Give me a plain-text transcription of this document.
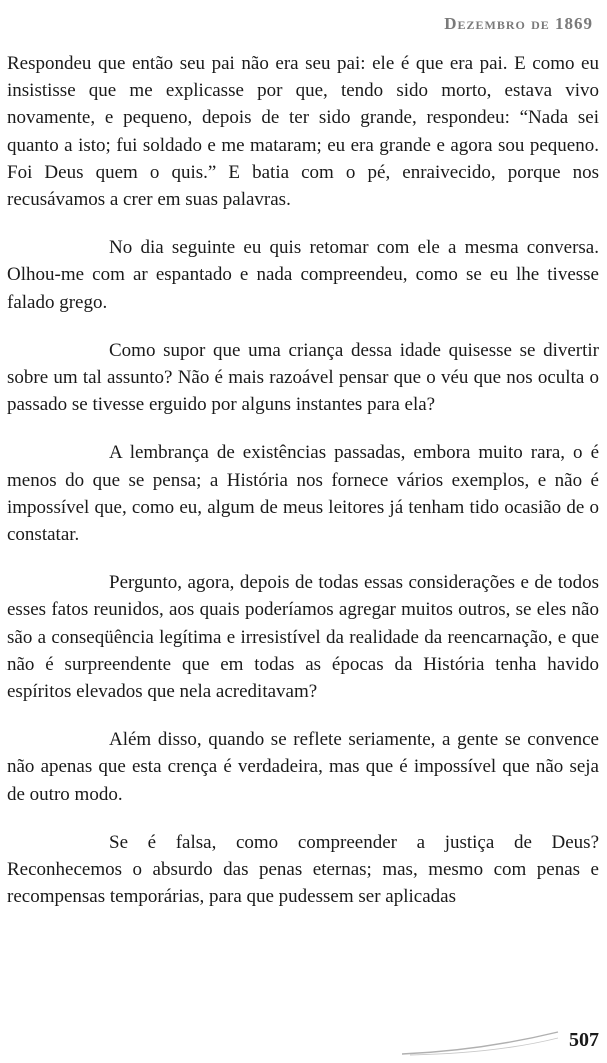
Dezembro de 1869

Respondeu que então seu pai não era seu pai: ele é que era pai. E como eu insistisse que me explicasse por que, tendo sido morto, estava vivo novamente, e pequeno, depois de ter sido grande, respondeu: “Nada sei quanto a isto; fui soldado e me mataram; eu era grande e agora sou pequeno. Foi Deus quem o quis.” E batia com o pé, enraivecido, porque nos recusávamos a crer em suas palavras.

No dia seguinte eu quis retomar com ele a mesma conversa. Olhou-me com ar espantado e nada compreendeu, como se eu lhe tivesse falado grego.

Como supor que uma criança dessa idade quisesse se divertir sobre um tal assunto? Não é mais razoável pensar que o véu que nos oculta o passado se tivesse erguido por alguns instantes para ela?

A lembrança de existências passadas, embora muito rara, o é menos do que se pensa; a História nos fornece vários exemplos, e não é impossível que, como eu, algum de meus leitores já tenham tido ocasião de o constatar.

Pergunto, agora, depois de todas essas considerações e de todos esses fatos reunidos, aos quais poderíamos agregar muitos outros, se eles não são a conseqüência legítima e irresistível da realidade da reencarnação, e que não é surpreendente que em todas as épocas da História tenha havido espíritos elevados que nela acreditavam?

Além disso, quando se reflete seriamente, a gente se convence não apenas que esta crença é verdadeira, mas que é impossível que não seja de outro modo.

Se é falsa, como compreender a justiça de Deus? Reconhecemos o absurdo das penas eternas; mas, mesmo com penas e recompensas temporárias, para que pudessem ser aplicadas

507
